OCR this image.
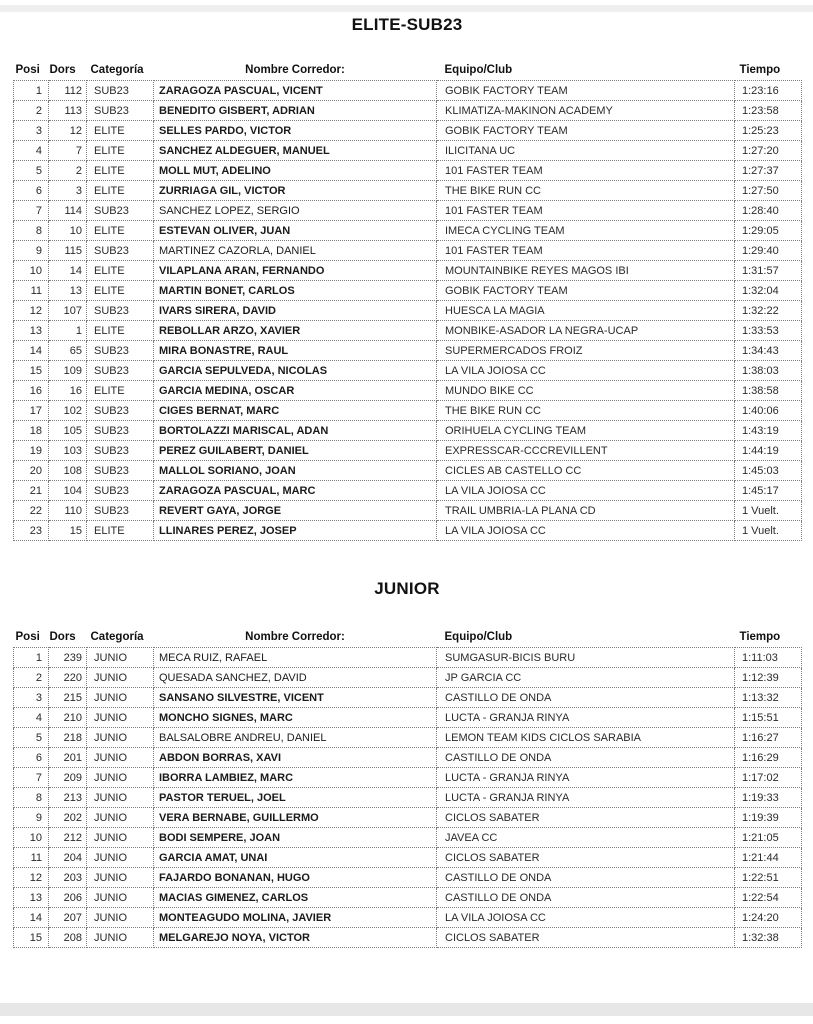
ELITE-SUB23
Posi	Dors	Categoría	Nombre Corredor:	Equipo/Club	Tiempo
1	112	SUB23	ZARAGOZA PASCUAL, VICENT	GOBIK FACTORY TEAM	1:23:16
2	113	SUB23	BENEDITO GISBERT, ADRIAN	KLIMATIZA-MAKINON ACADEMY	1:23:58
3	12	ELITE	SELLES PARDO, VICTOR	GOBIK FACTORY TEAM	1:25:23
4	7	ELITE	SANCHEZ ALDEGUER, MANUEL	ILICITANA UC	1:27:20
5	2	ELITE	MOLL MUT, ADELINO	101 FASTER TEAM	1:27:37
6	3	ELITE	ZURRIAGA GIL, VICTOR	THE BIKE RUN CC	1:27:50
7	114	SUB23	SANCHEZ LOPEZ, SERGIO	101 FASTER TEAM	1:28:40
8	10	ELITE	ESTEVAN OLIVER, JUAN	IMECA CYCLING TEAM	1:29:05
9	115	SUB23	MARTINEZ CAZORLA, DANIEL	101 FASTER TEAM	1:29:40
10	14	ELITE	VILAPLANA ARAN, FERNANDO	MOUNTAINBIKE REYES MAGOS IBI	1:31:57
11	13	ELITE	MARTIN BONET, CARLOS	GOBIK FACTORY TEAM	1:32:04
12	107	SUB23	IVARS SIRERA, DAVID	HUESCA LA MAGIA	1:32:22
13	1	ELITE	REBOLLAR ARZO, XAVIER	MONBIKE-ASADOR LA NEGRA-UCAP	1:33:53
14	65	SUB23	MIRA BONASTRE, RAUL	SUPERMERCADOS FROIZ	1:34:43
15	109	SUB23	GARCIA SEPULVEDA, NICOLAS	LA VILA JOIOSA CC	1:38:03
16	16	ELITE	GARCIA MEDINA, OSCAR	MUNDO BIKE CC	1:38:58
17	102	SUB23	CIGES BERNAT, MARC	THE BIKE RUN CC	1:40:06
18	105	SUB23	BORTOLAZZI MARISCAL, ADAN	ORIHUELA CYCLING TEAM	1:43:19
19	103	SUB23	PEREZ GUILABERT, DANIEL	EXPRESSCAR-CCCREVILLENT	1:44:19
20	108	SUB23	MALLOL SORIANO, JOAN	CICLES AB CASTELLO CC	1:45:03
21	104	SUB23	ZARAGOZA PASCUAL, MARC	LA VILA JOIOSA CC	1:45:17
22	110	SUB23	REVERT GAYA, JORGE	TRAIL UMBRIA-LA PLANA CD	1 Vuelt.
23	15	ELITE	LLINARES PEREZ, JOSEP	LA VILA JOIOSA CC	1 Vuelt.
JUNIOR
Posi	Dors	Categoría	Nombre Corredor:	Equipo/Club	Tiempo
1	239	JUNIO	MECA RUIZ, RAFAEL	SUMGASUR-BICIS BURU	1:11:03
2	220	JUNIO	QUESADA SANCHEZ, DAVID	JP GARCIA CC	1:12:39
3	215	JUNIO	SANSANO SILVESTRE, VICENT	CASTILLO DE ONDA	1:13:32
4	210	JUNIO	MONCHO SIGNES, MARC	LUCTA - GRANJA RINYA	1:15:51
5	218	JUNIO	BALSALOBRE ANDREU, DANIEL	LEMON TEAM KIDS CICLOS SARABIA	1:16:27
6	201	JUNIO	ABDON BORRAS, XAVI	CASTILLO DE ONDA	1:16:29
7	209	JUNIO	IBORRA LAMBIEZ, MARC	LUCTA - GRANJA RINYA	1:17:02
8	213	JUNIO	PASTOR TERUEL, JOEL	LUCTA - GRANJA RINYA	1:19:33
9	202	JUNIO	VERA BERNABE, GUILLERMO	CICLOS SABATER	1:19:39
10	212	JUNIO	BODI SEMPERE, JOAN	JAVEA CC	1:21:05
11	204	JUNIO	GARCIA AMAT, UNAI	CICLOS SABATER	1:21:44
12	203	JUNIO	FAJARDO BONANAN, HUGO	CASTILLO DE ONDA	1:22:51
13	206	JUNIO	MACIAS GIMENEZ, CARLOS	CASTILLO DE ONDA	1:22:54
14	207	JUNIO	MONTEAGUDO MOLINA, JAVIER	LA VILA JOIOSA CC	1:24:20
15	208	JUNIO	MELGAREJO NOYA, VICTOR	CICLOS SABATER	1:32:38
